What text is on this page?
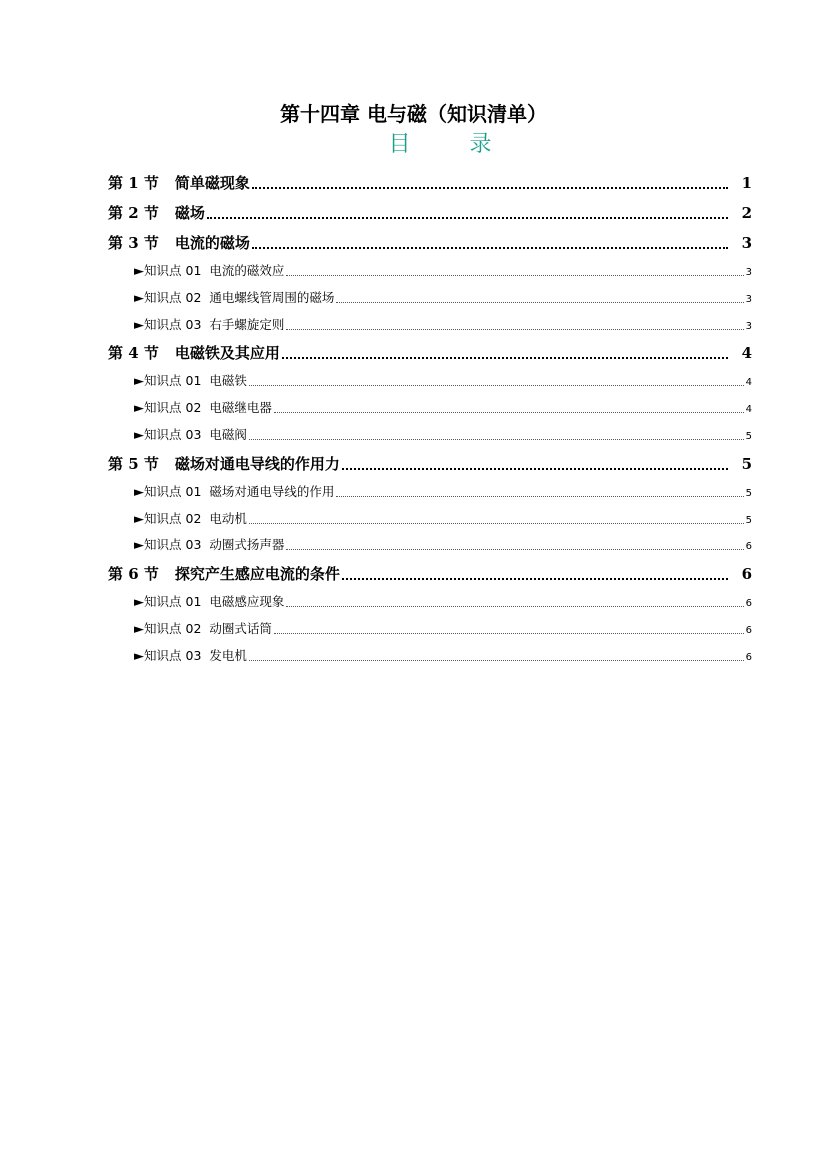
第十四章 电与磁（知识清单）
目 录
第 1 节 简单磁现象	1
第 2 节 磁场	2
第 3 节 电流的磁场	3
► 知识点 01 电流的磁效应	3
► 知识点 02 通电螺线管周围的磁场	3
► 知识点 03 右手螺旋定则	3
第 4 节 电磁铁及其应用	4
► 知识点 01 电磁铁	4
► 知识点 02 电磁继电器	4
► 知识点 03 电磁阀	5
第 5 节 磁场对通电导线的作用力	5
► 知识点 01 磁场对通电导线的作用	5
► 知识点 02 电动机	5
► 知识点 03 动圈式扬声器	6
第 6 节 探究产生感应电流的条件	6
► 知识点 01 电磁感应现象	6
► 知识点 02 动圈式话筒	6
► 知识点 03 发电机	6
